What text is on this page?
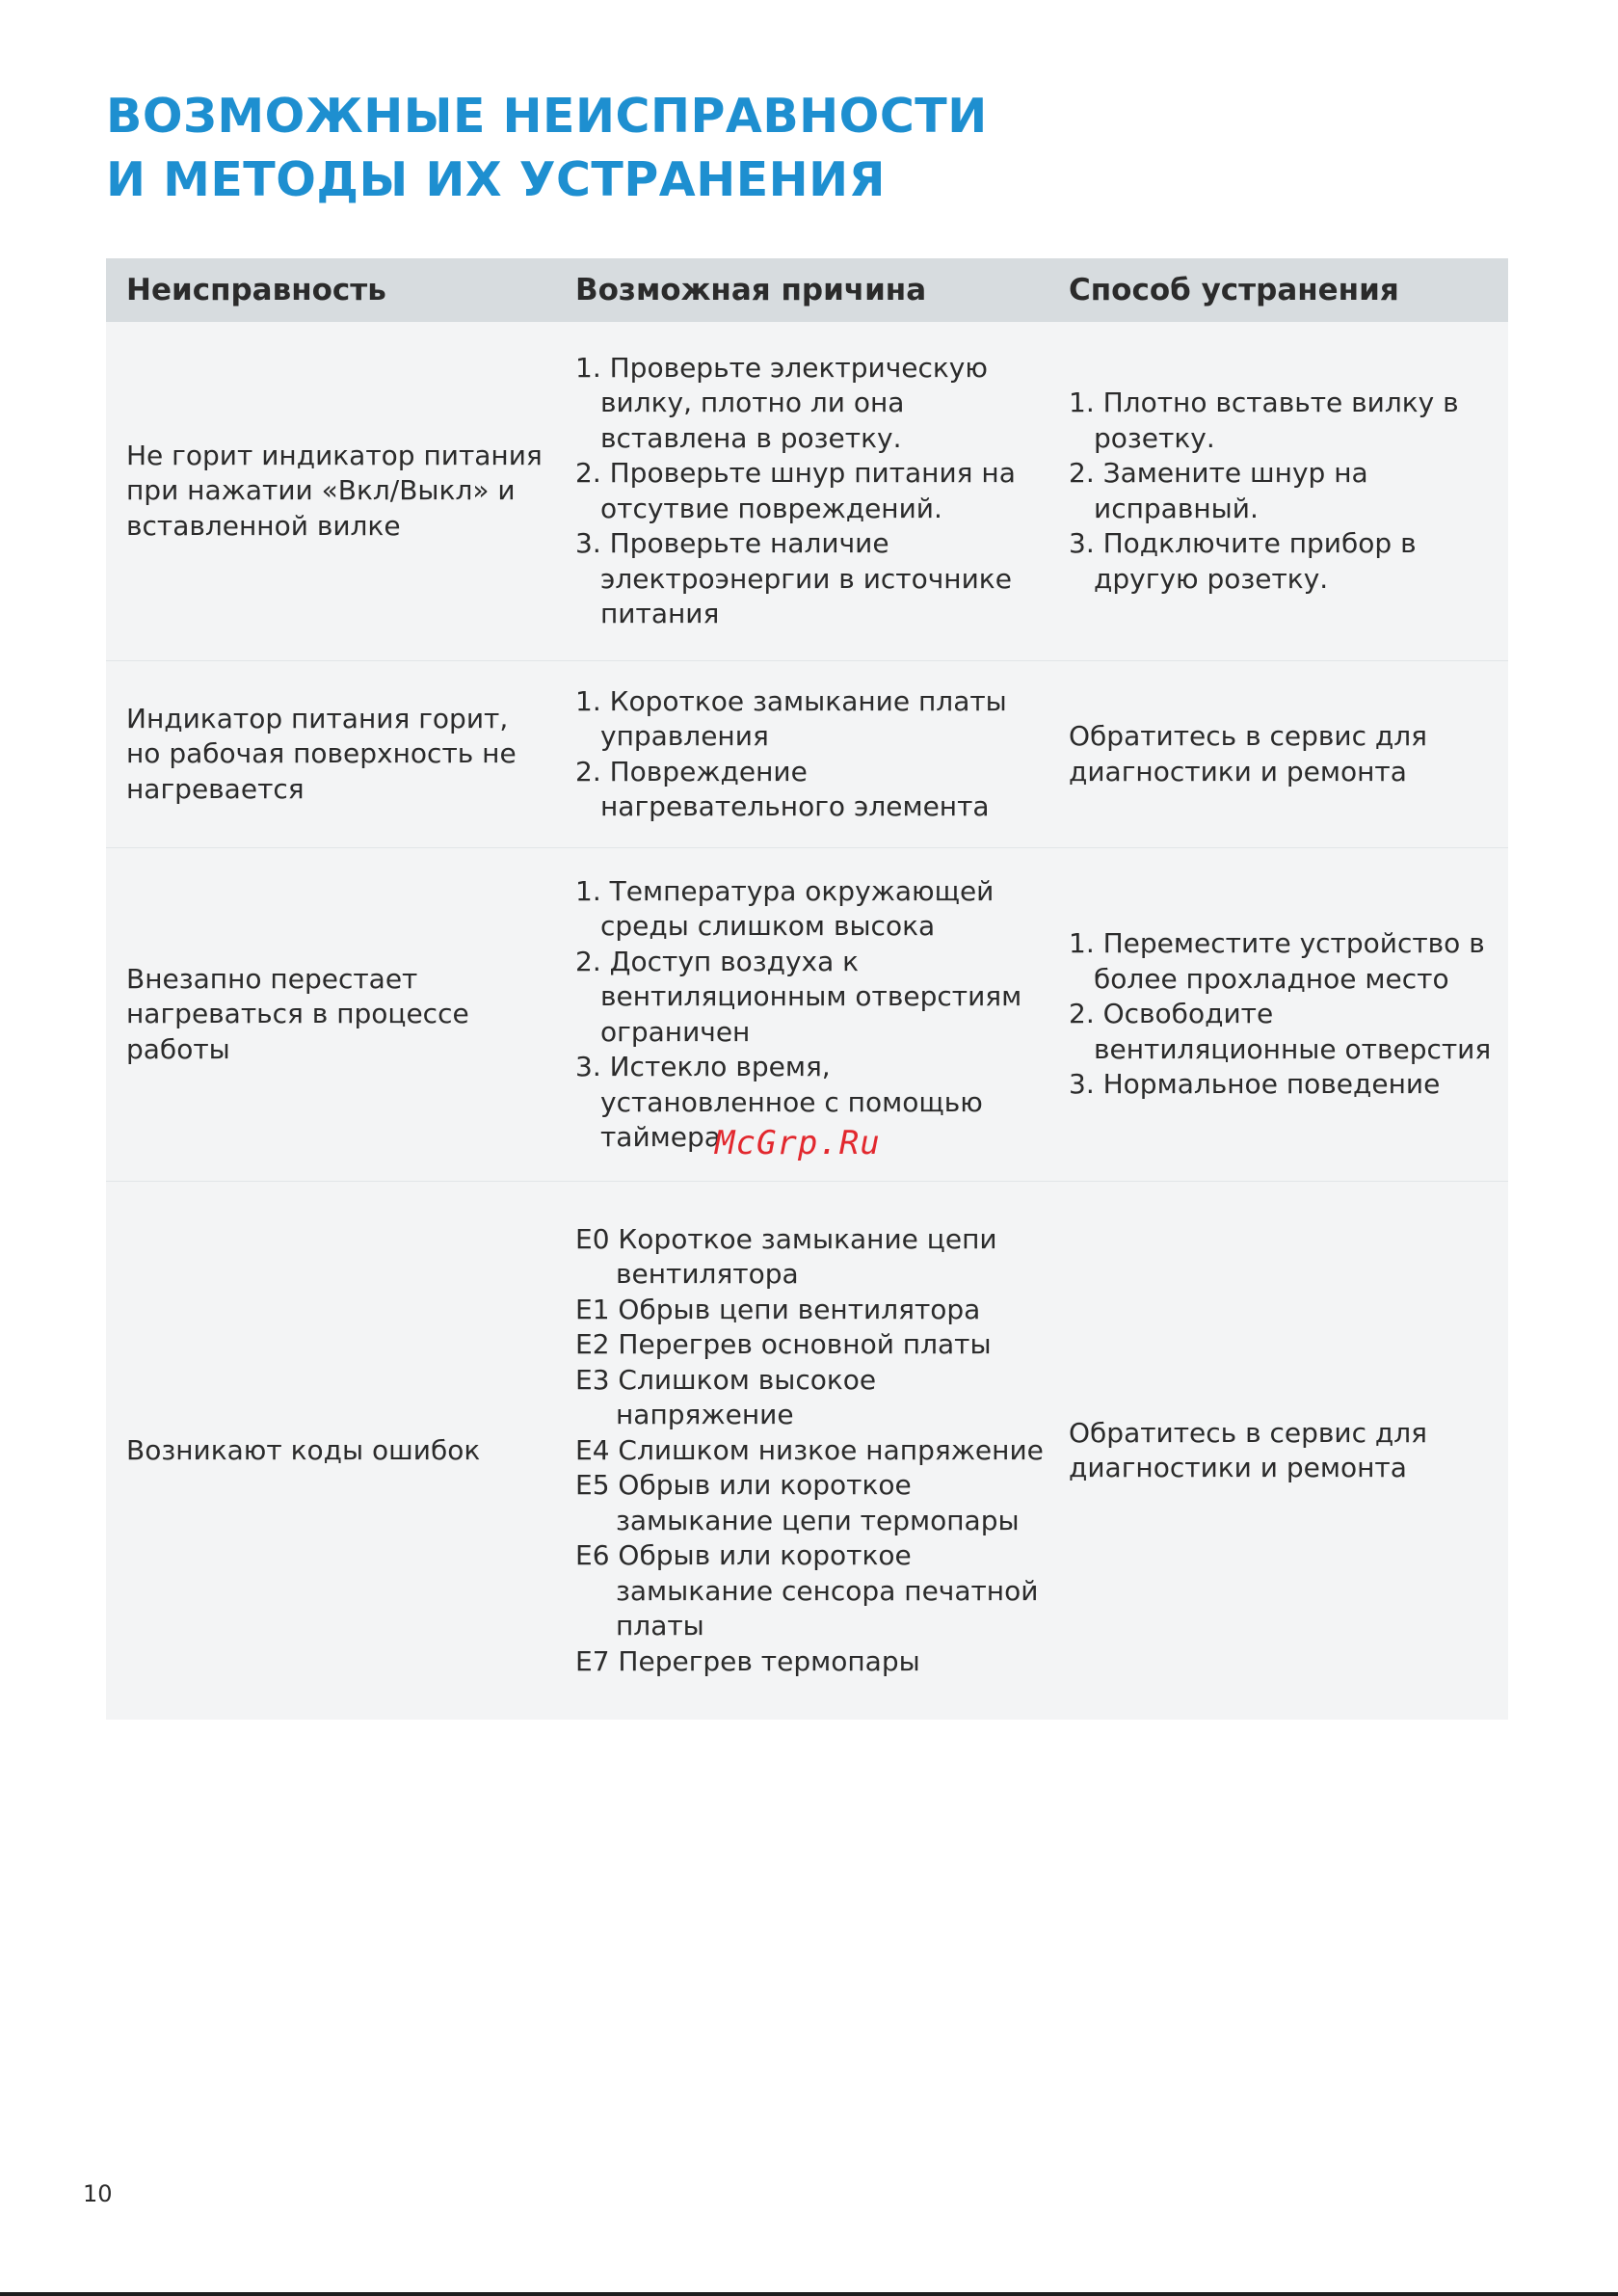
ВОЗМОЖНЫЕ НЕИСПРАВНОСТИ
И МЕТОДЫ ИХ УСТРАНЕНИЯ
Неисправность	Возможная причина	Способ устранения
Не горит индикатор питания при нажатии «Вкл/Выкл» и вставленной вилке
1. Проверьте электрическую вилку, плотно ли она вставлена в розетку.
2. Проверьте шнур питания на отсутвие повреждений.
3. Проверьте наличие электроэнергии в источнике питания
1. Плотно вставьте вилку в розетку.
2. Замените шнур на исправный.
3. Подключите прибор в другую розетку.
Индикатор питания горит, но рабочая поверхность не нагревается
1. Короткое замыкание платы управления
2. Повреждение нагревательного элемента
Обратитесь в сервис для диагностики и ремонта
Внезапно перестает нагреваться в процессе работы
1. Температура окружающей среды слишком высока
2. Доступ воздуха к вентиляционным отверстиям ограничен
3. Истекло время, установленное с помощью таймера
1. Переместите устройство в более прохладное место
2. Освободите вентиляционные отверстия
3. Нормальное поведение
Возникают коды ошибок
E0 Короткое замыкание цепи вентилятора
E1 Обрыв цепи вентилятора
E2 Перегрев основной платы
E3 Слишком высокое напряжение
E4 Слишком низкое напряжение
E5 Обрыв или короткое замыкание цепи термопары
E6 Обрыв или короткое замыкание сенсора печатной платы
E7 Перегрев термопары
Обратитесь в сервис для диагностики и ремонта
McGrp.Ru
10
